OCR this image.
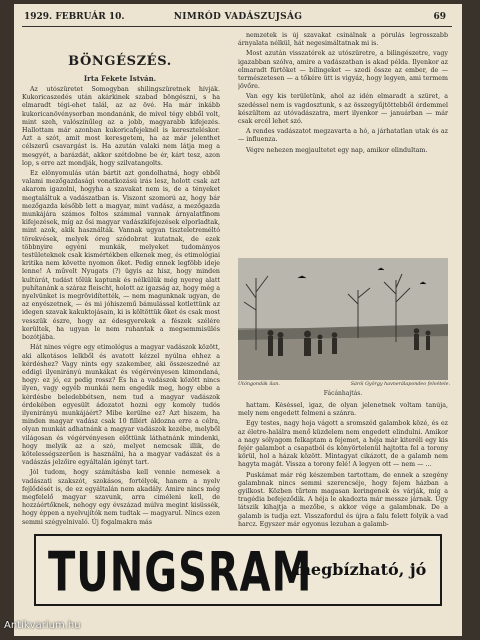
1929. FEBRUÁR 10.	NIMRÓD VADÁSZUJSÁG	69
BÖNGÉSZÉS.
Irta Fekete István.

Az utószüretet Somogyban shilingszüretnek hívják. Kukoricaszedés után akárkinek szabad böngészni, s ha elmaradt tégi-ehet talál, az az övé. Ha már inkább kukoricanövénysorban mondanánk, de mivel tégy ebből volt, mint szeh, valószínűleg az a jobb, magyarabb kifejezés. Hallottam már azonban kukoricafejeknél is kereszteléskor. Azt a szót, amit most keresgetem, ha az már jelenthet célszerű csavargást is. Ha azután valaki nem látja meg a mesgyét, a barázdát, akkor szétdobne be ér, kárt tesz, azon lop, s erre azt mondják, hogy szilvatangolts.

Ez elönyomulás után bártit azt gondolhatná, hogy ebből valami mezőgazdasági vonatkozású irás lesz, holott csak azt akarom igazolni, hogyha a szavakat nem is, de a tényeket megtaláltuk a vadászatban is. Viszont szomorú az, hogy bár mezőgazda később lett a magyar, mint vadász, a mezőgazda munkájára számos foltos számmal vannak árnyalatfinom kifejezések, míg az ősi magyar vadászkifejezések elporladtak, mint azok, akik használták. Vannak ugyan tiszteletreméltó törekvések, melyek óreg szódobrat kutatnak, de ezek többnyire egyéni munkák, melyeket tudományos testületeknek csak kismértékben elkenek meg, és etimológiai kritika nem követte nyomon őket. Pedig ennek legföbb ideje lenne! A művelt Nyugats (?) ügyis az hisz, hogy minden kultúrát, tudást tőlük kaptunk és nélkülük még nyereg alatt puhítanánk a száraz fleischt, holott az igazság az, hogy még a nyelvünket is megrövidítették, — nem magunknak ugyan, de az enyészetnek, — és mi jóhiszemű bámulással kotlettünk az idegen szavak kakuktojásain, ki is költöttük őket és csak most vesszük észre, hogy az édesgyerekek a fészek szélére kerültek, ha ugyan le nem ruhantak a megsemmisülés bozótjába.

Hát nines végre egy etimológus a magyar vadászok között, aki alkotásos lelkből és avatott kézzel nyúlna ehhez a kérdéshez? Vagy nints egy szakember, aki összeszedné az eddigi ilyenirányú munkákat és végérvényesen kimondaná, hogy: ez jó, ez pedig rossz? És ha a vadászok között nincs ilyen, vagy egyéb munkái nem engedik meg, hogy ebbe a kérdésbe beledebbétsen, nem tud a magyar vadászok érdekében egyesült ádozatot hozni egy komoly tudós ilyenirányú munkájáért? Mibe kerülne ez? Azt hiszem, ha minden magyar vadász csak 10 fillért áldozna erre a célra, olyan munkát adhatnánk a magyar vadászok kezébe, melyből világosan és végérvényesen előttünk láthatnánk mindenki, hogy melyik az a szó, melyet nemcsak illik, de kötelességszerűen is használni, ha a magyar vadászat és a vadászás jelzőire egyáltalán igényt tart.

Jól tudom, hogy számításba kell vennie nemesek a vadászati szakszót, szokásos, fortélyok, hanem a nyelv fejlődését is, de ez egyáltalán nem akadály. Amire nincs még megfelelő magyar szavunk, arra ciméleni kell, de hozzáértőknek, nehogy egy évszázad múlva megint kisüssék, hogy éppen a nyelvujítók nem tudtak — magyarul. Nincs ezen semmi szégyelnivaló. Új fogalmakra más

nemzetek is új szavakat csinálnak a pórulás legrosszabb árnyalata nélkül, hát negesimáltatnak mi is.

Most azután visszatérek az utószüretre, a bilingészetre, vagy igazabban szólva, amire a vadászatban is akad példa. Ilyenkor az elmaradt fürtöket — bilingeket — szedi össze az ember, de — természetesen — a tőkére ütt is vigyáz, hogy legyen, ami termem jövőre.

Van egy kis területünk, ahol az idén elmaradt a szüret, a szedéssel nem is vagdosztunk, s az összegyűjtöttebből érdemmel készültem az utóvadászatra, mert ilyenkor — januárban — már csak ercél lehet szó.

A rendes vadászatot megzavarta a hó, a járhatatlan utak és az — influenza.

Végre nehezen megjaultetet egy nap, amikor elindultam.

Utóngondák ilan.	Sárói György havnerálapondeo felvétele.
Fácánhajtás.

hattam. Késéssel, igaz, de olyan jelenetnek voltam tanúja, mely nem engedett felmeni a szánra.

Egy testes, nagy hoja vágott a sromszéd galambok közé, és ez az életre-halálra menő küzdelem nem engedett elindulni. Amikor a nagy sólyagom felkaptam a fejemet, a héja már kiteréli egy kis fejér galambot a csapatból és könyörtelenül hajtotta fel a torony körül, hol a házak között. Mintagyat cikázott, de a galamb nem hagyta magát. Vissza a torony felé! A legyen ott — nem — ...

Puskámat már rég készemben tartottam, de ennek a szegény galambnak nincs semmi szerencséje, hogy fejem házban a gyilkost. Közben tűrtem magasan keringenek és várják, míg a tragédia befejeződik. A héja le akadozta már messze járnak. Úgy látszik kihajtja a mezőbe, s akkor vége a galambnak. De a galamb is tudja ezt. Visszafordul és újra a falu felett folyik a vad harcz. Egyszer már egyonus lezuhan a galamb-

TUNGSRAM
megbízható, jó
Antikvarium.hu
